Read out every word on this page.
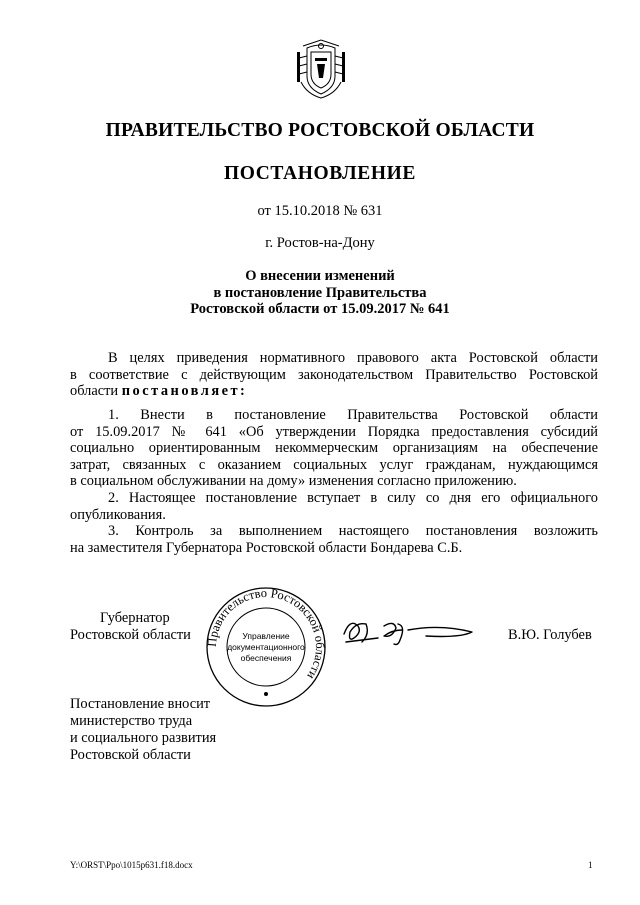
ПРАВИТЕЛЬСТВО РОСТОВСКОЙ ОБЛАСТИ
ПОСТАНОВЛЕНИЕ
от 15.10.2018 № 631
г. Ростов-на-Дону
О внесении изменений
в постановление Правительства
Ростовской области от 15.09.2017 № 641
В целях приведения нормативного правового акта Ростовской области
в соответствие с действующим законодательством Правительство Ростовской
области постановляет:
1. Внести в постановление Правительства Ростовской области
от 15.09.2017 № 641 «Об утверждении Порядка предоставления субсидий
социально ориентированным некоммерческим организациям на обеспечение
затрат, связанных с оказанием социальных услуг гражданам, нуждающимся
в социальном обслуживании на дому» изменения согласно приложению.
2. Настоящее постановление вступает в силу со дня его официального
опубликования.
3. Контроль за выполнением настоящего постановления возложить
на заместителя Губернатора Ростовской области Бондарева С.Б.
Губернатор
Ростовской области Правительство Ростовской области
Управление
документационного
обеспечения
В.Ю. Голубев
Постановление вносит
министерство труда
и социального развития
Ростовской области
Y:\ORST\Ppo\1015p631.f18.docx	1
